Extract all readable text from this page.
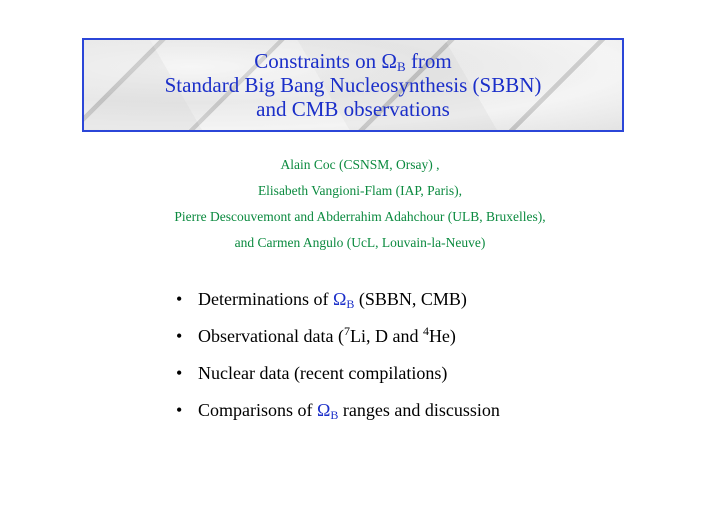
Constraints on $\Omega_B$ from
Standard Big Bang Nucleosynthesis (SBBN)
and CMB observations
Alain Coc (CSNSM, Orsay) ,
Elisabeth Vangioni-Flam (IAP, Paris),
Pierre Descouvemont and Abderrahim Adahchour (ULB, Bruxelles),
and Carmen Angulo (UcL, Louvain-la-Neuve)
• Determinations of $\Omega_B$ (SBBN, CMB)
• Observational data ($^7$Li, D and $^4$He)
• Nuclear data (recent compilations)
• Comparisons of $\Omega_B$ ranges and discussion
